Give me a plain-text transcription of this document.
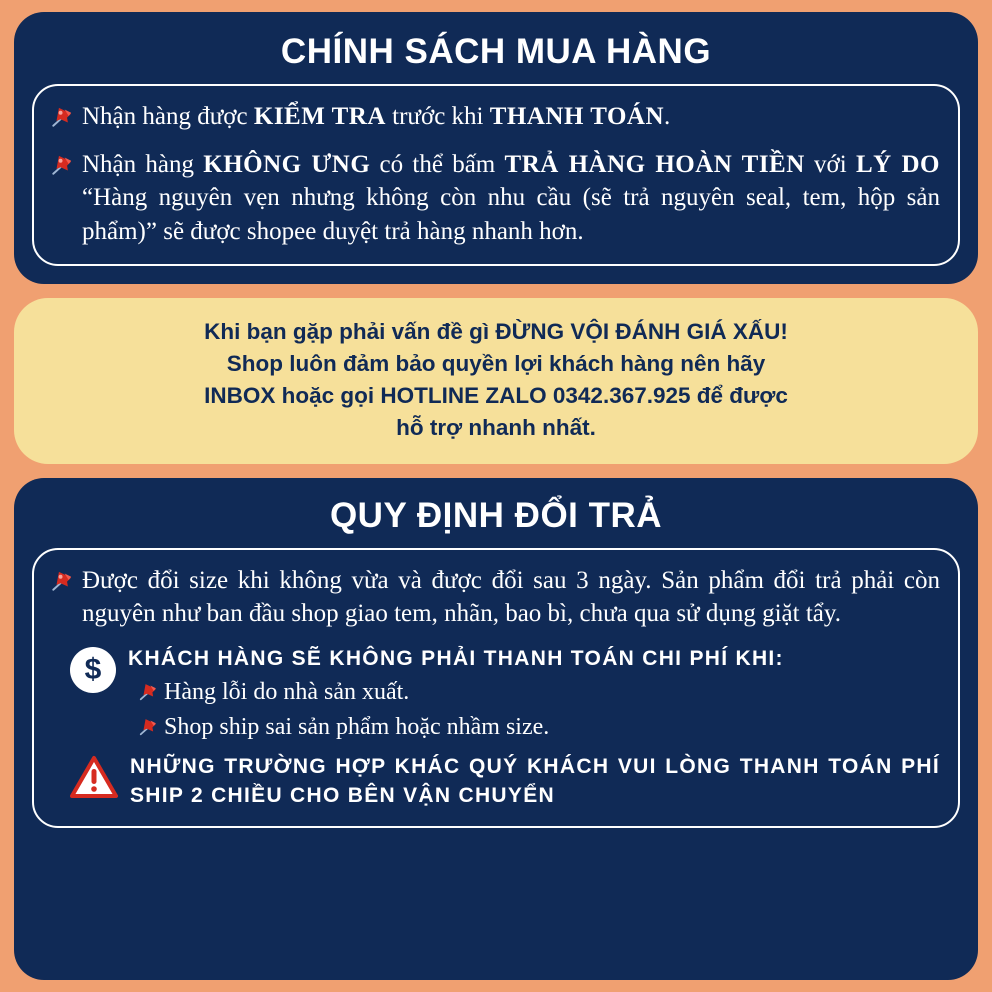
CHÍNH SÁCH MUA HÀNG
Nhận hàng được KIỂM TRA trước khi THANH TOÁN.
Nhận hàng KHÔNG ƯNG có thể bấm TRẢ HÀNG HOÀN TIỀN với LÝ DO “Hàng nguyên vẹn nhưng không còn nhu cầu (sẽ trả nguyên seal, tem, hộp sản phẩm)” sẽ được shopee duyệt trả hàng nhanh hơn.
Khi bạn gặp phải vấn đề gì ĐỪNG VỘI ĐÁNH GIÁ XẤU!
Shop luôn đảm bảo quyền lợi khách hàng nên hãy
INBOX hoặc gọi HOTLINE ZALO 0342.367.925 để được
hỗ trợ nhanh nhất.
QUY ĐỊNH ĐỔI TRẢ
Được đổi size khi không vừa và được đổi sau 3 ngày. Sản phẩm đổi trả phải còn nguyên như ban đầu shop giao tem, nhãn, bao bì, chưa qua sử dụng giặt tẩy.
$	KHÁCH HÀNG SẼ KHÔNG PHẢI THANH TOÁN CHI PHÍ KHI:
Hàng lỗi do nhà sản xuất.
Shop ship sai sản phẩm hoặc nhầm size.
NHỮNG TRƯỜNG HỢP KHÁC QUÝ KHÁCH VUI LÒNG THANH TOÁN PHÍ SHIP 2 CHIỀU CHO BÊN VẬN CHUYỂN
